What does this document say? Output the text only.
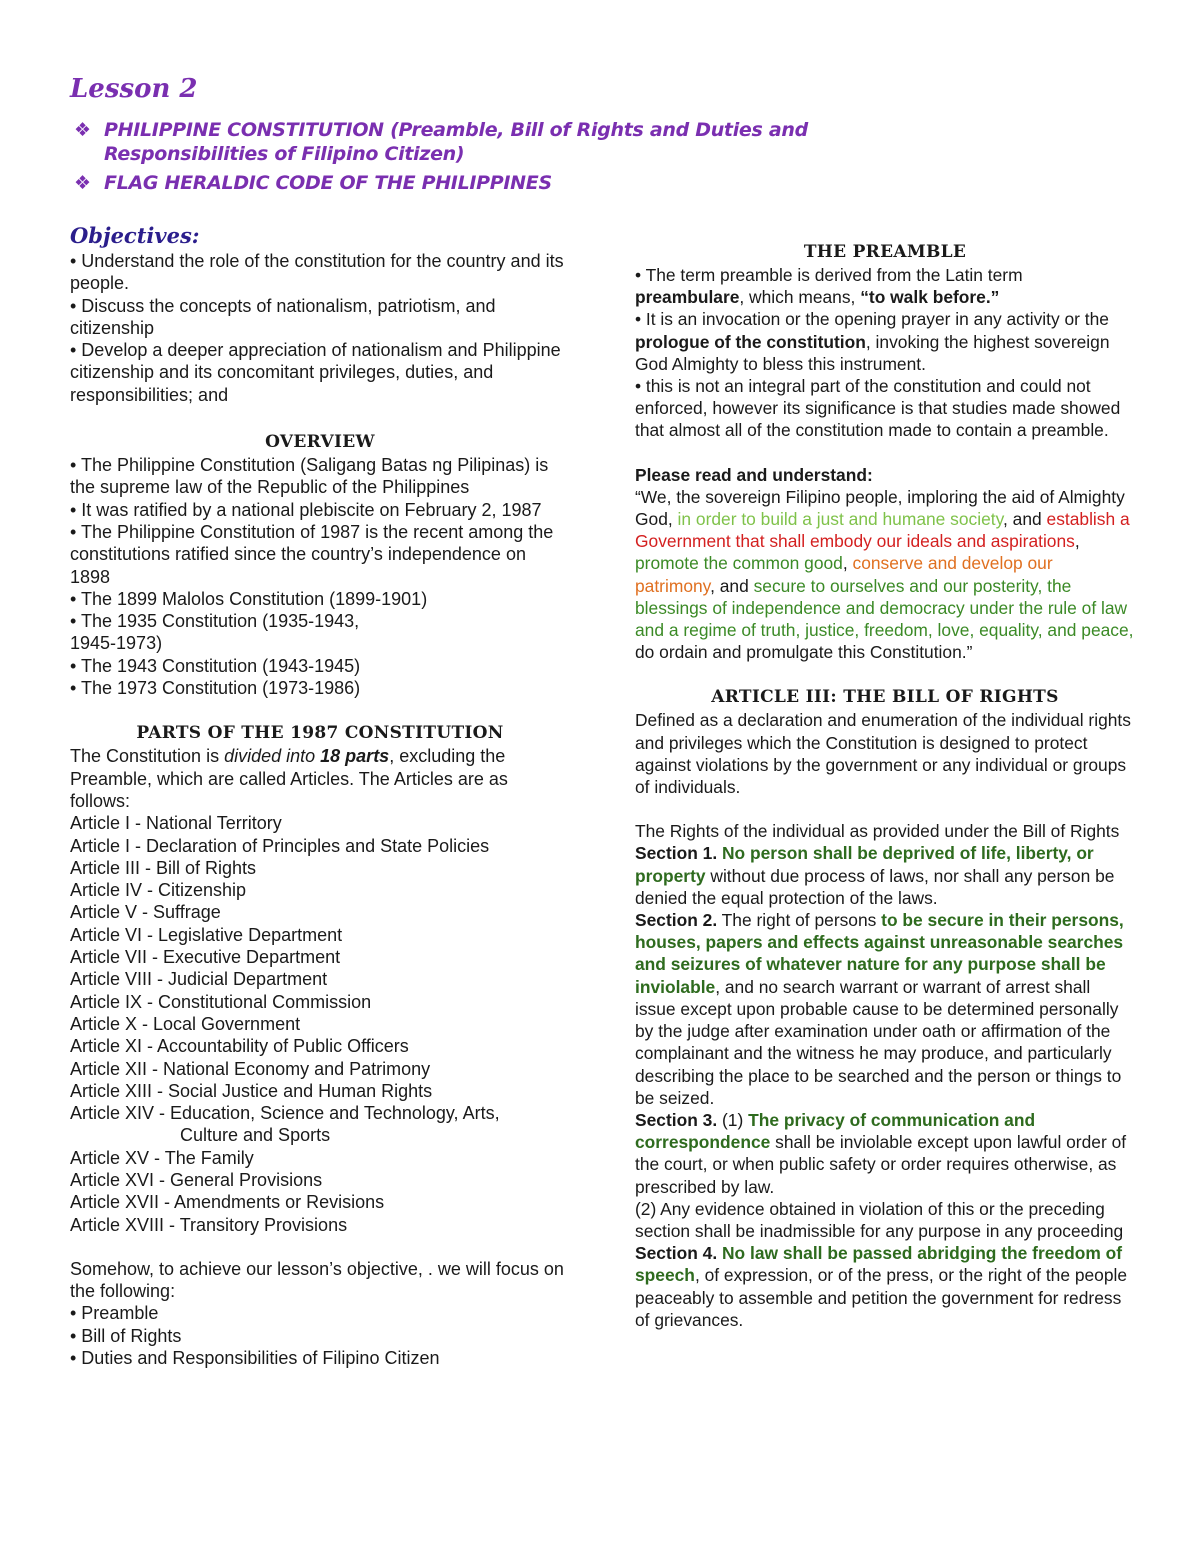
Lesson 2
❖ PHILIPPINE CONSTITUTION (Preamble, Bill of Rights and Duties and
Responsibilities of Filipino Citizen)
❖ FLAG HERALDIC CODE OF THE PHILIPPINES
Objectives:

• Understand the role of the constitution for the country and its people.

• Discuss the concepts of nationalism, patriotism, and citizenship

• Develop a deeper appreciation of nationalism and Philippine citizenship and its concomitant privileges, duties, and responsibilities; and

OVERVIEW

• The Philippine Constitution (Saligang Batas ng Pilipinas) is the supreme law of the Republic of the Philippines

• It was ratified by a national plebiscite on February 2, 1987

• The Philippine Constitution of 1987 is the recent among the constitutions ratified since the country’s independence on 1898

• The 1899 Malolos Constitution (1899-1901)

• The 1935 Constitution (1935-1943,

1945-1973)

• The 1943 Constitution (1943-1945)

• The 1973 Constitution (1973-1986)

PARTS OF THE 1987 CONSTITUTION

The Constitution is divided into 18 parts, excluding the Preamble, which are called Articles. The Articles are as follows:

Article I - National Territory

Article I - Declaration of Principles and State Policies

Article III - Bill of Rights

Article IV - Citizenship

Article V - Suffrage

Article VI - Legislative Department

Article VII - Executive Department

Article VIII - Judicial Department

Article IX - Constitutional Commission

Article X - Local Government

Article XI - Accountability of Public Officers

Article XII - National Economy and Patrimony

Article XIII - Social Justice and Human Rights

Article XIV - Education, Science and Technology, Arts,

Culture and Sports

Article XV - The Family

Article XVI - General Provisions

Article XVII - Amendments or Revisions

Article XVIII - Transitory Provisions

Somehow, to achieve our lesson’s objective, . we will focus on the following:

• Preamble

• Bill of Rights

• Duties and Responsibilities of Filipino Citizen

THE PREAMBLE

• The term preamble is derived from the Latin term preambulare, which means, “to walk before.”

• It is an invocation or the opening prayer in any activity or the prologue of the constitution, invoking the highest sovereign God Almighty to bless this instrument.

• this is not an integral part of the constitution and could not enforced, however its significance is that studies made showed that almost all of the constitution made to contain a preamble.

Please read and understand:

“We, the sovereign Filipino people, imploring the aid of Almighty God, in order to build a just and humane society, and establish a Government that shall embody our ideals and aspirations, promote the common good, conserve and develop our patrimony, and secure to ourselves and our posterity, the blessings of independence and democracy under the rule of law and a regime of truth, justice, freedom, love, equality, and peace, do ordain and promulgate this Constitution.”

ARTICLE III: THE BILL OF RIGHTS

Defined as a declaration and enumeration of the individual rights and privileges which the Constitution is designed to protect against violations by the government or any individual or groups of individuals.

The Rights of the individual as provided under the Bill of Rights

Section 1. No person shall be deprived of life, liberty, or property without due process of laws, nor shall any person be denied the equal protection of the laws.

Section 2. The right of persons to be secure in their persons, houses, papers and effects against unreasonable searches and seizures of whatever nature for any purpose shall be inviolable, and no search warrant or warrant of arrest shall issue except upon probable cause to be determined personally by the judge after examination under oath or affirmation of the complainant and the witness he may produce, and particularly describing the place to be searched and the person or things to be seized.

Section 3. (1) The privacy of communication and correspondence shall be inviolable except upon lawful order of the court, or when public safety or order requires otherwise, as prescribed by law.

(2) Any evidence obtained in violation of this or the preceding section shall be inadmissible for any purpose in any proceeding

Section 4. No law shall be passed abridging the freedom of speech, of expression, or of the press, or the right of the people peaceably to assemble and petition the government for redress of grievances.
